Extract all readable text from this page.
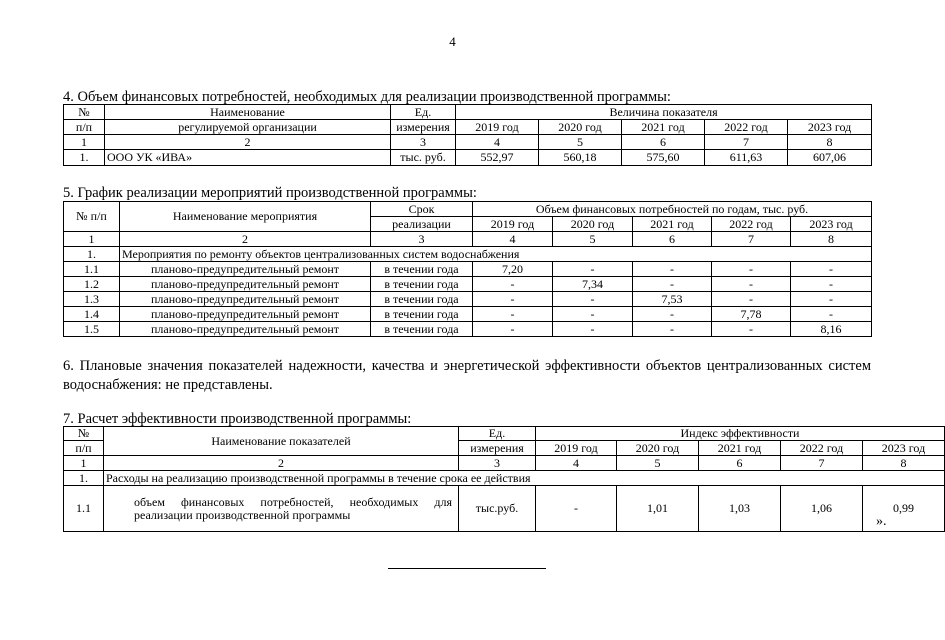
4
4. Объем финансовых потребностей, необходимых для реализации производственной программы:
№	Наименование	Ед.	Величина показателя				
п/п	регулируемой организации	измерения	2019 год	2020 год	2021 год	2022 год	2023 год
1	2	3	4	5	6	7	8
1.	ООО УК «ИВА»	тыс. руб.	552,97	560,18	575,60	611,63	607,06
5. График реализации мероприятий производственной программы:
№ п/п	Наименование мероприятия	Срок	Объем финансовых потребностей по годам, тыс. руб.				
		реализации	2019 год	2020 год	2021 год	2022 год	2023 год
1	2	3	4	5	6	7	8
1.	Мероприятия по ремонту объектов централизованных систем водоснабжения						
1.1	планово-предупредительный ремонт	в течении года	7,20	-	-	-	-
1.2	планово-предупредительный ремонт	в течении года	-	7,34	-	-	-
1.3	планово-предупредительный ремонт	в течении года	-	-	7,53	-	-
1.4	планово-предупредительный ремонт	в течении года	-	-	-	7,78	-
1.5	планово-предупредительный ремонт	в течении года	-	-	-	-	8,16
6. Плановые значения показателей надежности, качества и энергетической эффективности объектов централизованных систем водоснабжения: не представлены.
7. Расчет эффективности производственной программы:
№	Наименование показателей	Ед.	Индекс эффективности				
п/п		измерения	2019 год	2020 год	2021 год	2022 год	2023 год
1	2	3	4	5	6	7	8
1.	Расходы на реализацию производственной программы в течение срока ее действия						
1.1	объем финансовых потребностей, необходимых для реализации производственной программы	тыс.руб.	-	1,01	1,03	1,06	0,99
».
